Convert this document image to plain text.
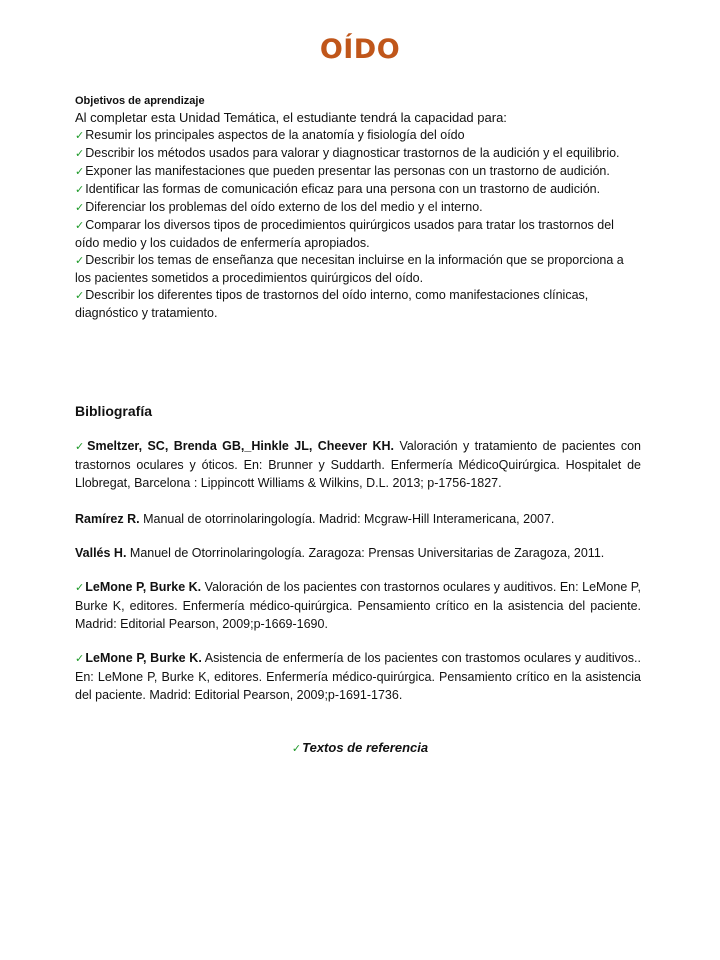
OÍDO
Objetivos de aprendizaje
Al completar esta Unidad Temática, el estudiante tendrá la capacidad para:
✓Resumir los principales aspectos de la anatomía y fisiología del oído
✓Describir los métodos usados para valorar y diagnosticar trastornos de la audición y el equilibrio.
✓Exponer las manifestaciones que pueden presentar las personas con un trastorno de audición.
✓Identificar las formas de comunicación eficaz para una persona con un trastorno de audición.
✓Diferenciar los problemas del oído externo de los del medio y el interno.
✓Comparar los diversos tipos de procedimientos quirúrgicos usados para tratar los trastornos del oído medio y los cuidados de enfermería apropiados.
✓Describir los temas de enseñanza que necesitan incluirse en la información que se proporciona a los pacientes sometidos a procedimientos quirúrgicos del oído.
✓Describir los diferentes tipos de trastornos del oído interno, como manifestaciones clínicas, diagnóstico y tratamiento.
Bibliografía

✓Smeltzer, SC, Brenda GB,_Hinkle JL, Cheever KH. Valoración y tratamiento de pacientes con trastornos oculares y óticos. En: Brunner y Suddarth. Enfermería MédicoQuirúrgica. Hospitalet de Llobregat, Barcelona : Lippincott Williams & Wilkins, D.L. 2013; p-1756-1827.

Ramírez R. Manual de otorrinolaringología. Madrid: Mcgraw-Hill Interamericana, 2007.

Vallés H. Manuel de Otorrinolaringología. Zaragoza: Prensas Universitarias de Zaragoza, 2011.

✓LeMone P, Burke K. Valoración de los pacientes con trastornos oculares y auditivos. En: LeMone P, Burke K, editores. Enfermería médico-quirúrgica. Pensamiento crítico en la asistencia del paciente. Madrid: Editorial Pearson, 2009;p-1669-1690.

✓LeMone P, Burke K. Asistencia de enfermería de los pacientes con trastomos oculares y auditivos.. En: LeMone P, Burke K, editores. Enfermería médico-quirúrgica. Pensamiento crítico en la asistencia del paciente. Madrid: Editorial Pearson, 2009;p-1691-1736.

✓Textos de referencia
